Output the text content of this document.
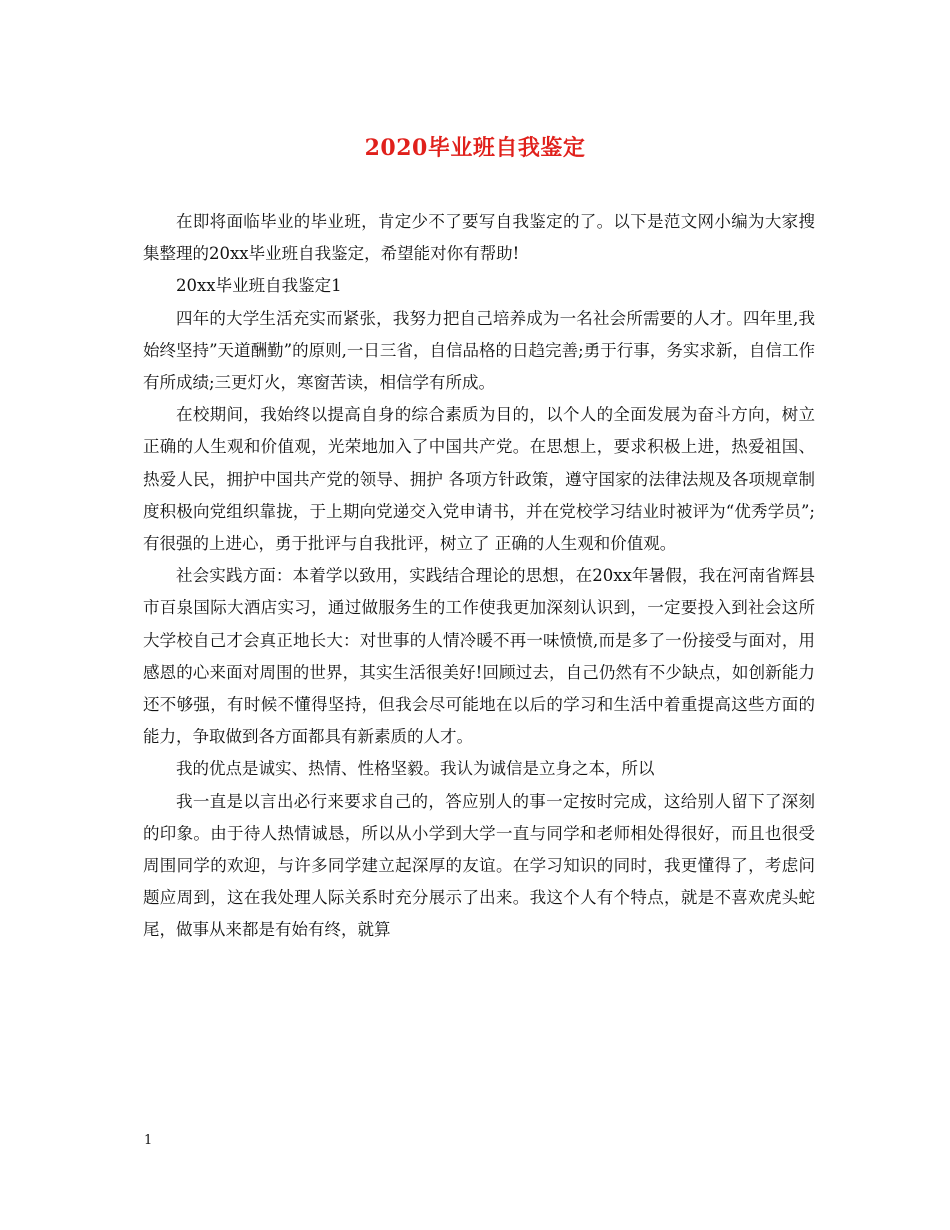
2020毕业班自我鉴定

在即将面临毕业的毕业班，肯定少不了要写自我鉴定的了。以下是范文网小编为大家搜集整理的20xx毕业班自我鉴定，希望能对你有帮助!

20xx毕业班自我鉴定1

四年的大学生活充实而紧张，我努力把自己培养成为一名社会所需要的人才。四年里,我始终坚持”天道酬勤”的原则,一日三省，自信品格的日趋完善;勇于行事，务实求新，自信工作有所成绩;三更灯火，寒窗苦读，相信学有所成。

在校期间，我始终以提高自身的综合素质为目的，以个人的全面发展为奋斗方向，树立正确的人生观和价值观，光荣地加入了中国共产党。在思想上，要求积极上进，热爱祖国、热爱人民，拥护中国共产党的领导、拥护 各项方针政策，遵守国家的法律法规及各项规章制度积极向党组织靠拢，于上期向党递交入党申请书，并在党校学习结业时被评为“优秀学员”;有很强的上进心，勇于批评与自我批评，树立了 正确的人生观和价值观。

社会实践方面：本着学以致用，实践结合理论的思想，在20xx年暑假，我在河南省辉县市百泉国际大酒店实习，通过做服务生的工作使我更加深刻认识到，一定要投入到社会这所大学校自己才会真正地长大：对世事的人情冷暖不再一味愤愤,而是多了一份接受与面对，用感恩的心来面对周围的世界，其实生活很美好!回顾过去，自己仍然有不少缺点，如创新能力还不够强，有时候不懂得坚持，但我会尽可能地在以后的学习和生活中着重提高这些方面的能力，争取做到各方面都具有新素质的人才。

我的优点是诚实、热情、性格坚毅。我认为诚信是立身之本，所以

我一直是以言出必行来要求自己的，答应别人的事一定按时完成，这给别人留下了深刻的印象。由于待人热情诚恳，所以从小学到大学一直与同学和老师相处得很好，而且也很受周围同学的欢迎，与许多同学建立起深厚的友谊。在学习知识的同时，我更懂得了，考虑问题应周到，这在我处理人际关系时充分展示了出来。我这个人有个特点，就是不喜欢虎头蛇尾，做事从来都是有始有终，就算

1
